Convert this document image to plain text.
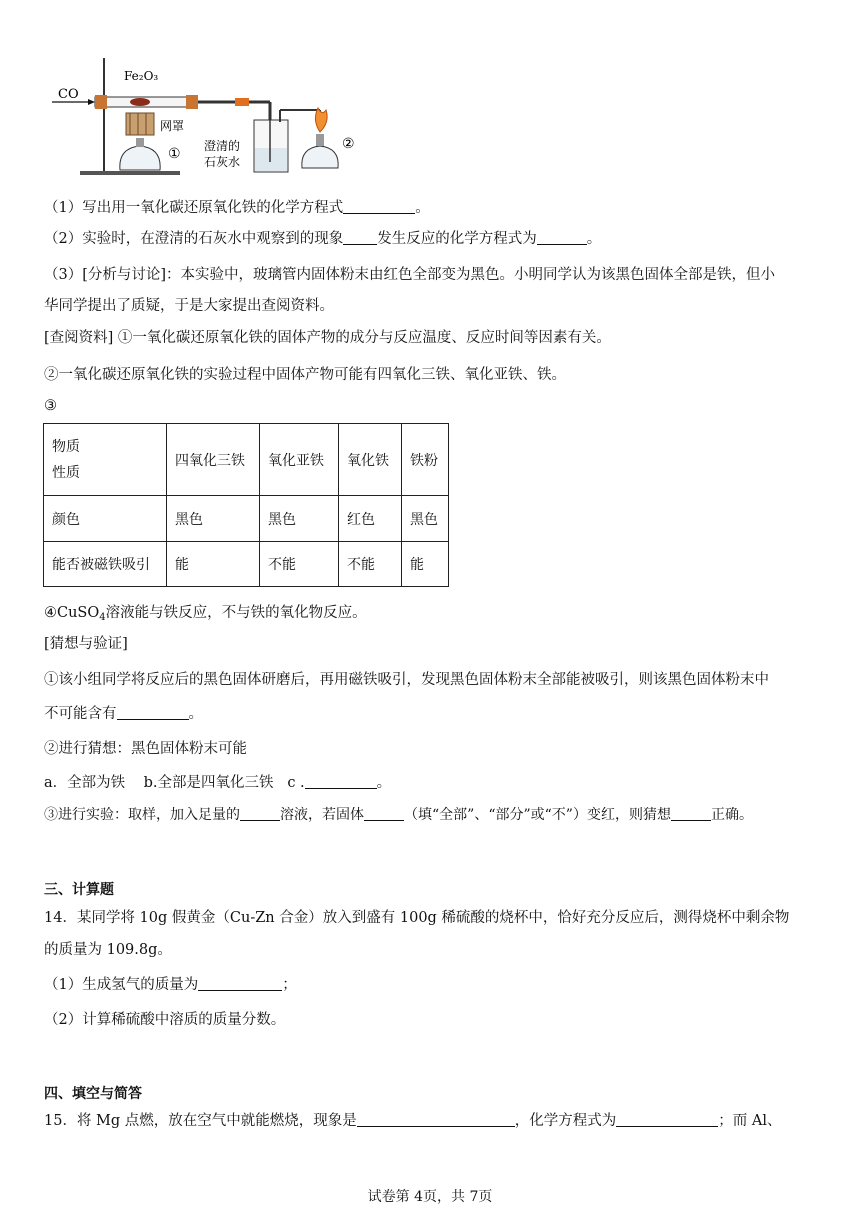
CO
Fe₂O₃
网罩
① 澄清的
石灰水
②
（1）写出用一氧化碳还原氧化铁的化学方程式	。
（2）实验时，在澄清的石灰水中观察到的现象 发生反应的化学方程式为	。
（3）[分析与讨论]：本实验中，玻璃管内固体粉末由红色全部变为黑色。小明同学认为该黑色固体全部是铁，但小
华同学提出了质疑，于是大家提出查阅资料。
[查阅资料] ①一氧化碳还原氧化铁的固体产物的成分与反应温度、反应时间等因素有关。
②一氧化碳还原氧化铁的实验过程中固体产物可能有四氧化三铁、氧化亚铁、铁。
③
物质
性质	四氧化三铁	氧化亚铁	氧化铁	铁粉
颜色	黑色	黑色	红色	黑色
能否被磁铁吸引	能	不能	不能	能
④CuSO$_4$溶液能与铁反应，不与铁的氧化物反应。
[猜想与验证]
①该小组同学将反应后的黑色固体研磨后，再用磁铁吸引，发现黑色固体粉末全部能被吸引，则该黑色固体粉末中
不可能含有	。
②进行猜想：黑色固体粉末可能
a．全部为铁 b.全部是四氧化三铁 c .	。
③进行实验：取样，加入足量的	溶液，若固体	（填“全部”、“部分”或“不”）变红，则猜想	正确。
三、计算题
14．某同学将 10g 假黄金（Cu-Zn 合金）放入到盛有 100g 稀硫酸的烧杯中，恰好充分反应后，测得烧杯中剩余物
的质量为 109.8g。
（1）生成氢气的质量为	；
（2）计算稀硫酸中溶质的质量分数。
四、填空与简答
15．将 Mg 点燃，放在空气中就能燃烧，现象是	，化学方程式为	；而 Al、
试卷第 4页，共 7页
